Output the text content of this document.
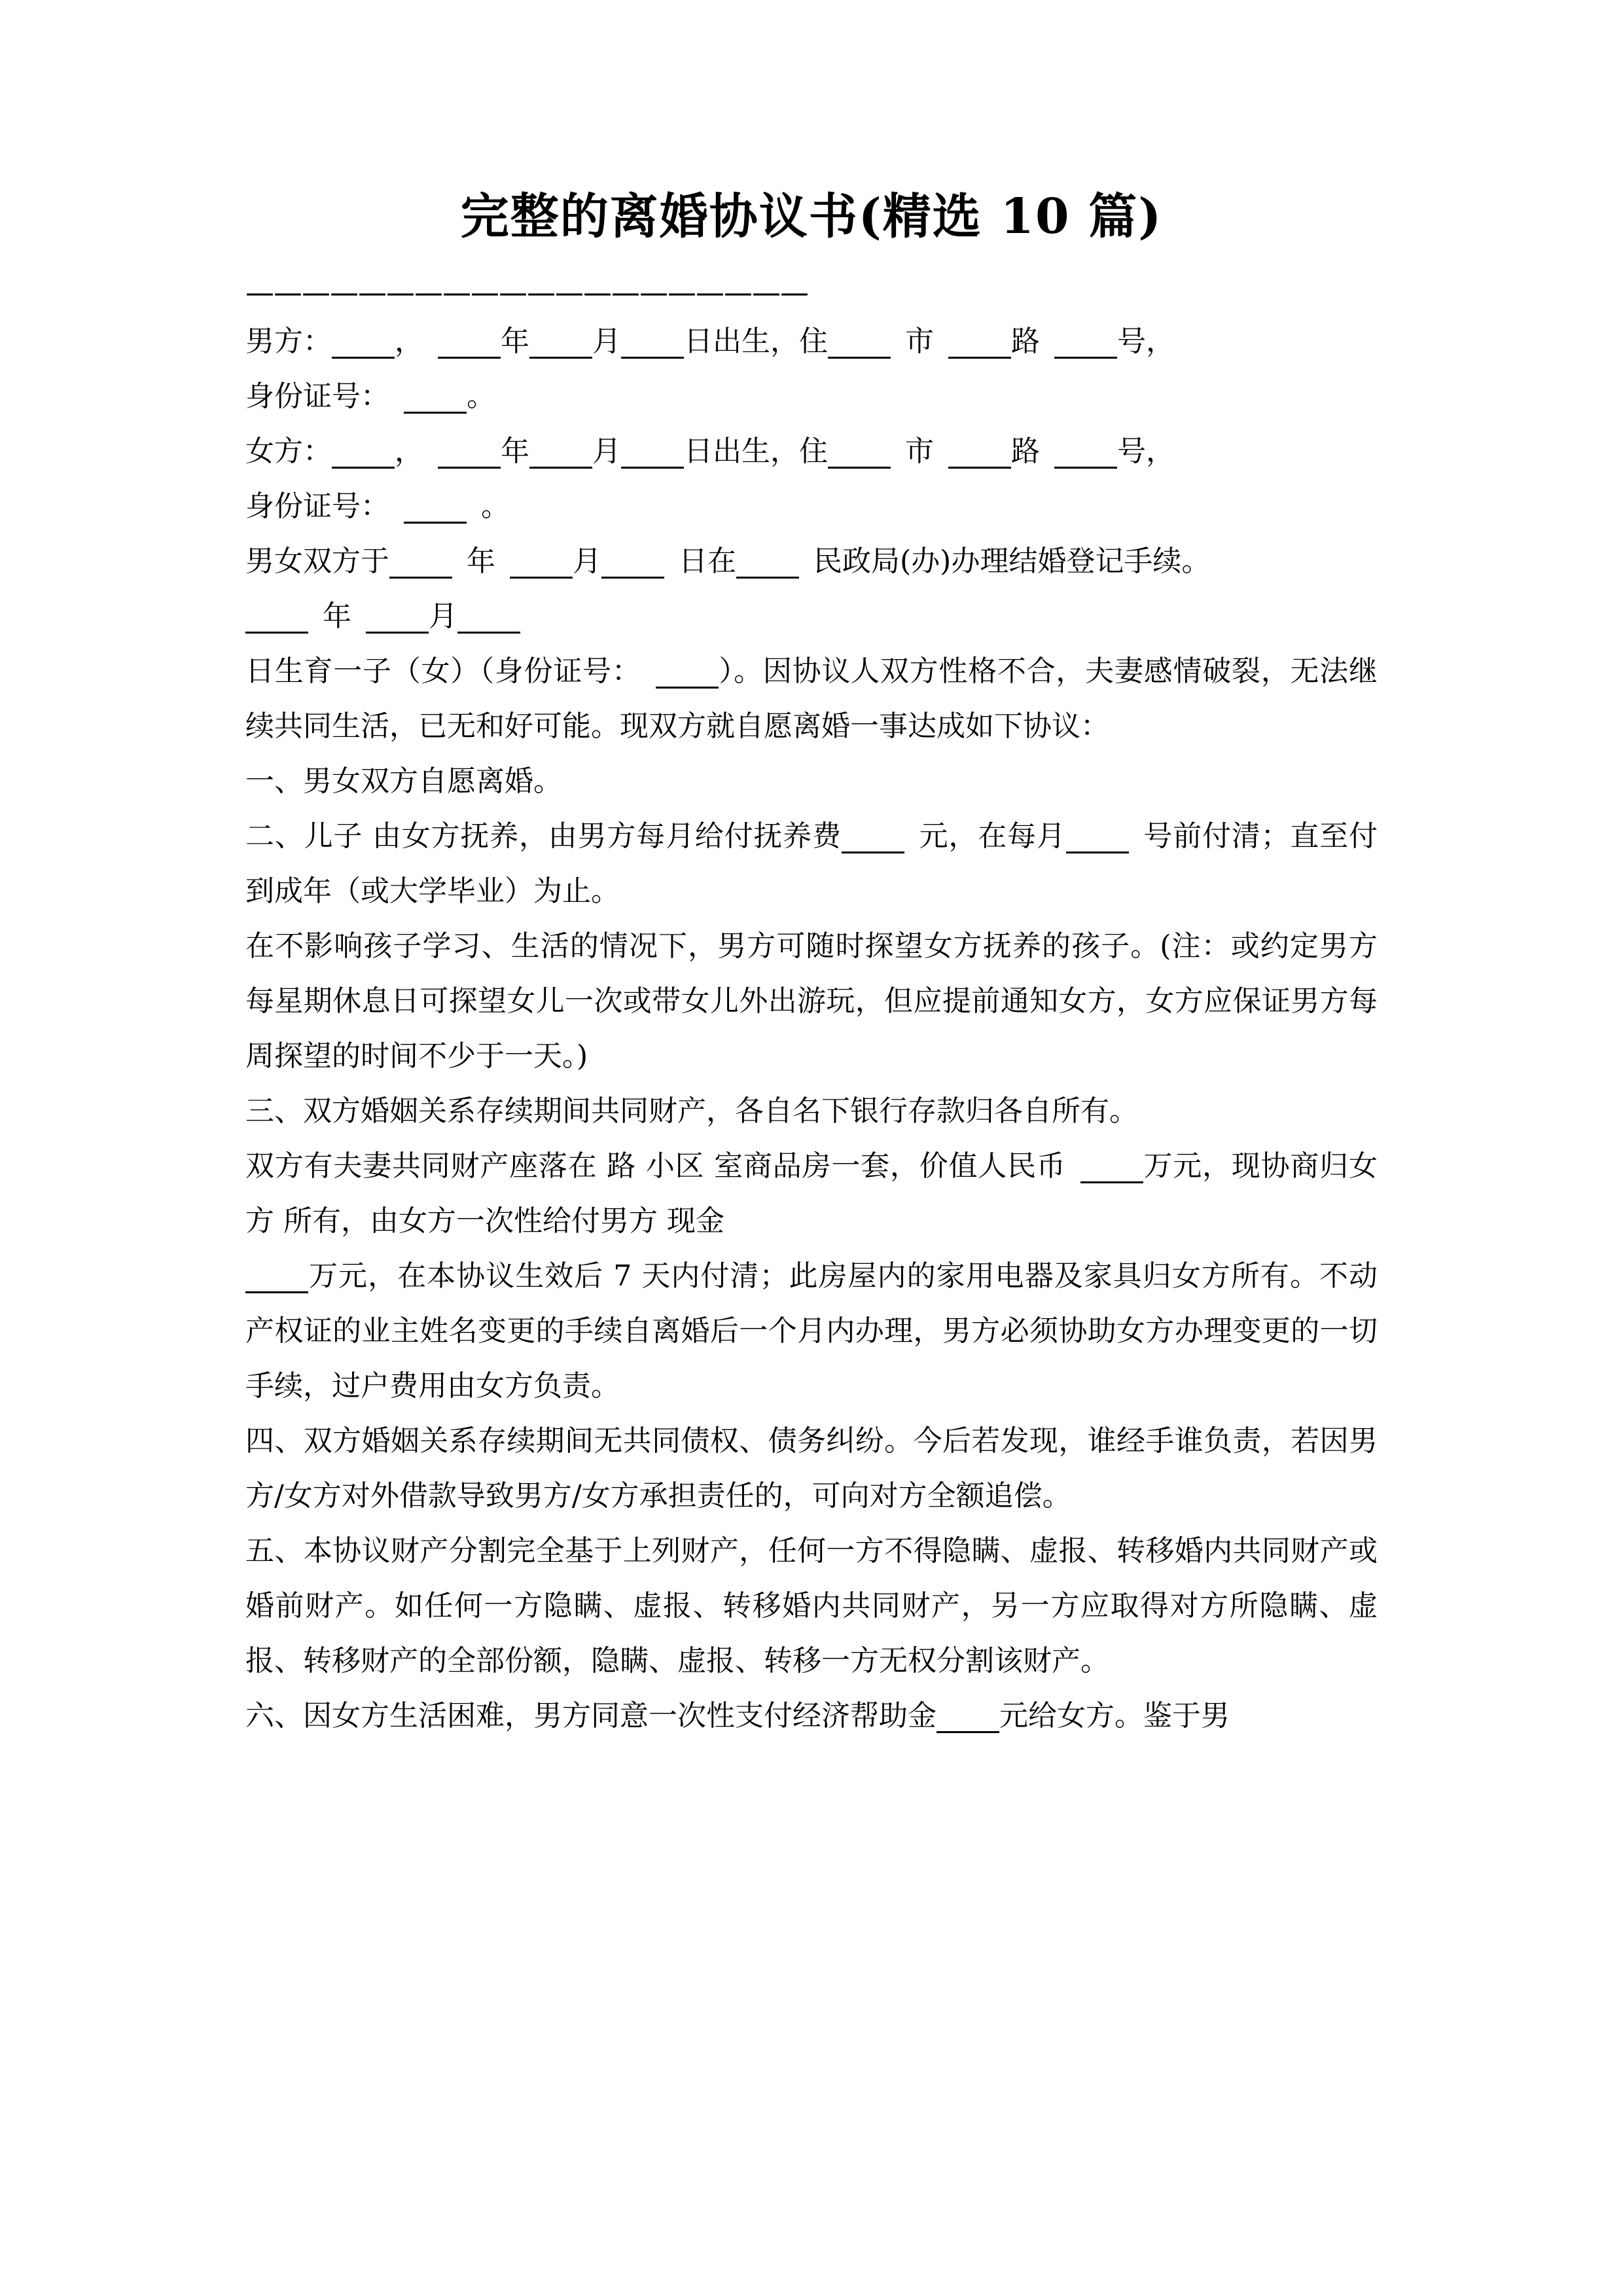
完整的离婚协议书(精选 10 篇)
————————————————————

男方： ，	年 月 日出生，住	市	路	号，

身份证号：	。

女方： ，	年 月 日出生，住	市	路	号，

身份证号：	。

男女双方于	年	月	日在	民政局(办)办理结婚登记手续。

年	月

日生育一子（女）（身份证号：	）。因协议人双方性格不合，夫妻感情破裂，无法继续共同生活，已无和好可能。现双方就自愿离婚一事达成如下协议：

一、男女双方自愿离婚。

二、儿子 由女方抚养，由男方每月给付抚养费	元，在每月	号前付清；直至付到成年（或大学毕业）为止。

在不影响孩子学习、生活的情况下，男方可随时探望女方抚养的孩子。(注：或约定男方每星期休息日可探望女儿一次或带女儿外出游玩，但应提前通知女方，女方应保证男方每周探望的时间不少于一天。)

三、双方婚姻关系存续期间共同财产，各自名下银行存款归各自所有。

双方有夫妻共同财产座落在 路 小区 室商品房一套，价值人民币	万元，现协商归女方 所有，由女方一次性给付男方 现金

万元，在本协议生效后 7 天内付清；此房屋内的家用电器及家具归女方所有。不动产权证的业主姓名变更的手续自离婚后一个月内办理，男方必须协助女方办理变更的一切手续，过户费用由女方负责。

四、双方婚姻关系存续期间无共同债权、债务纠纷。今后若发现，谁经手谁负责，若因男方/女方对外借款导致男方/女方承担责任的，可向对方全额追偿。

五、本协议财产分割完全基于上列财产，任何一方不得隐瞒、虚报、转移婚内共同财产或婚前财产。如任何一方隐瞒、虚报、转移婚内共同财产，另一方应取得对方所隐瞒、虚报、转移财产的全部份额，隐瞒、虚报、转移一方无权分割该财产。

六、因女方生活困难，男方同意一次性支付经济帮助金 元给女方。鉴于男
